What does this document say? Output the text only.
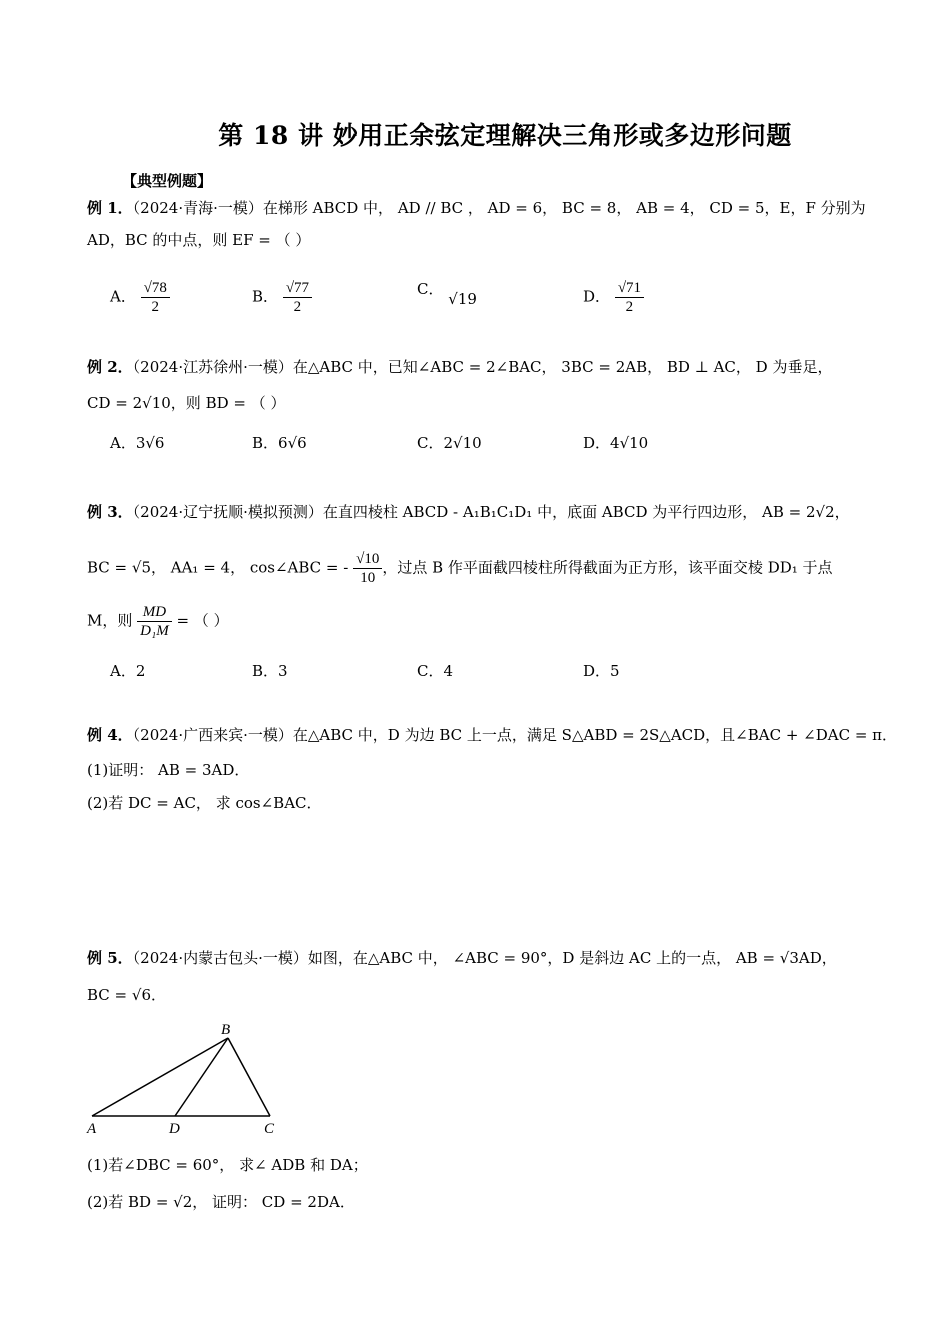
第 18 讲 妙用正余弦定理解决三角形或多边形问题
【典型例题】
例 1．（2024·青海·一模）在梯形 ABCD 中， AD // BC ， AD = 6， BC = 8， AB = 4， CD = 5，E，F 分别为
AD，BC 的中点，则 EF = （ ）
A． $\frac{√78}{2}$	B． $\frac{√77}{2}$	C． √19	D． $\frac{√71}{2}$
例 2．（2024·江苏徐州·一模）在△ABC 中，已知∠ABC = 2∠BAC， 3BC = 2AB， BD ⊥ AC， D 为垂足，
CD = 2√10，则 BD = （ ）
A．3√6	B．6√6	C．2√10	D．4√10
例 3．（2024·辽宁抚顺·模拟预测）在直四棱柱 ABCD - A₁B₁C₁D₁ 中，底面 ABCD 为平行四边形， AB = 2√2，
BC = √5， AA₁ = 4， cos∠ABC = - $\frac{√10}{10}$ ，过点 B 作平面截四棱柱所得截面为正方形，该平面交棱 DD₁ 于点
M，则 $\frac{MD}{\text{D₁M}}$ = （ ）
A．2	B．3	C．4	D．5
例 4．（2024·广西来宾·一模）在△ABC 中，D 为边 BC 上一点，满足 S△ABD = 2S△ACD，且∠BAC + ∠DAC = π．
(1)证明： AB = 3AD．
(2)若 DC = AC， 求 cos∠BAC．
例 5．（2024·内蒙古包头·一模）如图，在△ABC 中， ∠ABC = 90°，D 是斜边 AC 上的一点， AB = √3AD，
BC = √6．
B
A	D	C
(1)若∠DBC = 60°， 求∠ ADB 和 DA；
(2)若 BD = √2， 证明： CD = 2DA．
